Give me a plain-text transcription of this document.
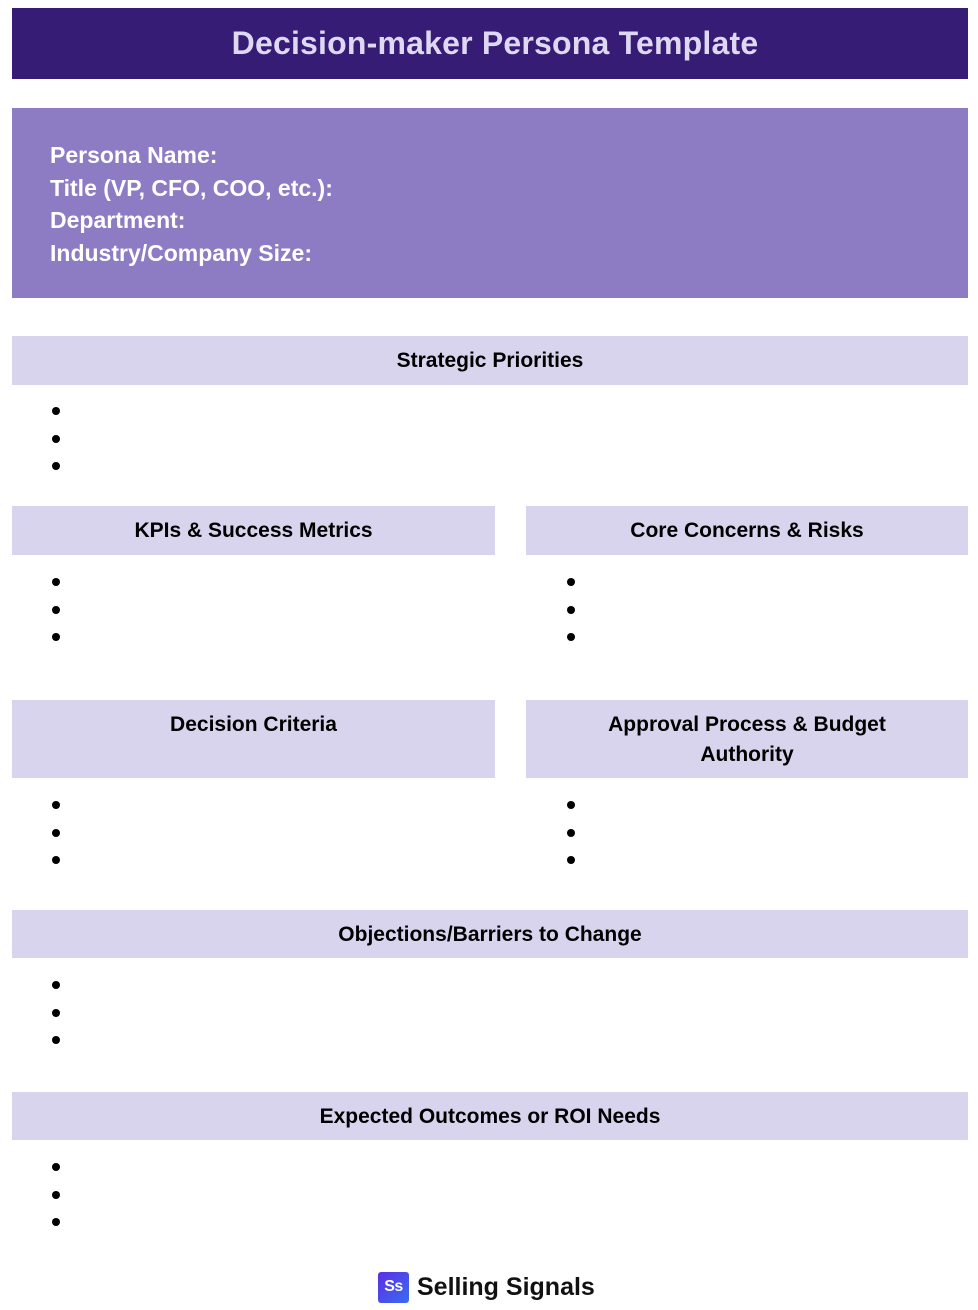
Decision-maker Persona Template
Persona Name:
Title (VP, CFO, COO, etc.):
Department:
Industry/Company Size:
Strategic Priorities
KPIs & Success Metrics	Core Concerns & Risks
Decision Criteria	Approval Process & Budget Authority
Objections/Barriers to Change
Expected Outcomes or ROI Needs
Ss Selling Signals
